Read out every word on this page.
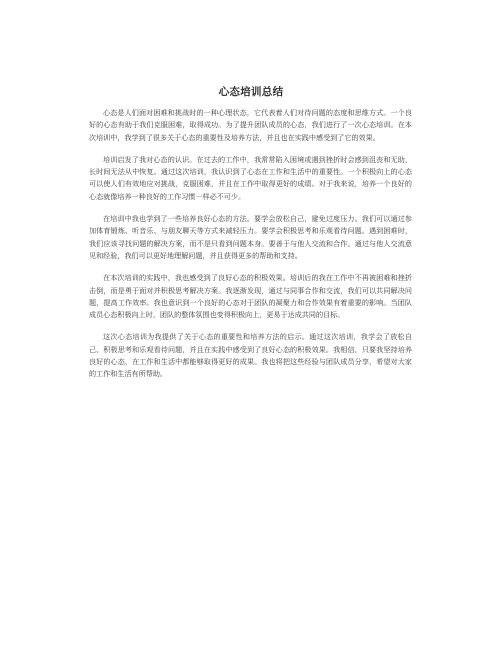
心态培训总结

心态是人们面对困难和挑战时的一种心理状态，它代表着人们对待问题的态度和思维方式。一个良好的心态有助于我们克服困难，取得成功。为了提升团队成员的心态，我们进行了一次心态培训。在本次培训中，我学到了很多关于心态的重要性及培养方法，并且也在实践中感受到了它的效果。

培训启发了我对心态的认识。在过去的工作中，我常常陷入困境或遇到挫折时会感到沮丧和无助，长时间无法从中恢复。通过这次培训，我认识到了心态在工作和生活中的重要性。一个积极向上的心态可以使人们有效地应对挑战，克服困难，并且在工作中取得更好的成绩。对于我来说，培养一个良好的心态就像培养一种良好的工作习惯一样必不可少。

在培训中我也学到了一些培养良好心态的方法。要学会放松自己，避免过度压力。我们可以通过参加体育锻炼、听音乐、与朋友聊天等方式来减轻压力。要学会积极思考和乐观看待问题。遇到困难时，我们应该寻找问题的解决方案，而不是只看到问题本身。要善于与他人交流和合作。通过与他人交流意见和经验，我们可以更好地理解问题，并且获得更多的帮助和支持。

在本次培训的实践中，我也感受到了良好心态的积极效果。培训后的我在工作中不再被困难和挫折击倒，而是勇于面对并积极思考解决方案。我逐渐发现，通过与同事合作和交流，我们可以共同解决问题，提高工作效率。我也意识到一个良好的心态对于团队的凝聚力和合作效果有着重要的影响。当团队成员心态积极向上时，团队的整体氛围也变得积极向上，更易于达成共同的目标。

这次心态培训为我提供了关于心态的重要性和培养方法的启示。通过这次培训，我学会了放松自己、积极思考和乐观看待问题，并且在实践中感受到了良好心态的积极效果。我相信，只要我坚持培养良好的心态，在工作和生活中都能够取得更好的成果。我也将把这些经验与团队成员分享，希望对大家的工作和生活有所帮助。
